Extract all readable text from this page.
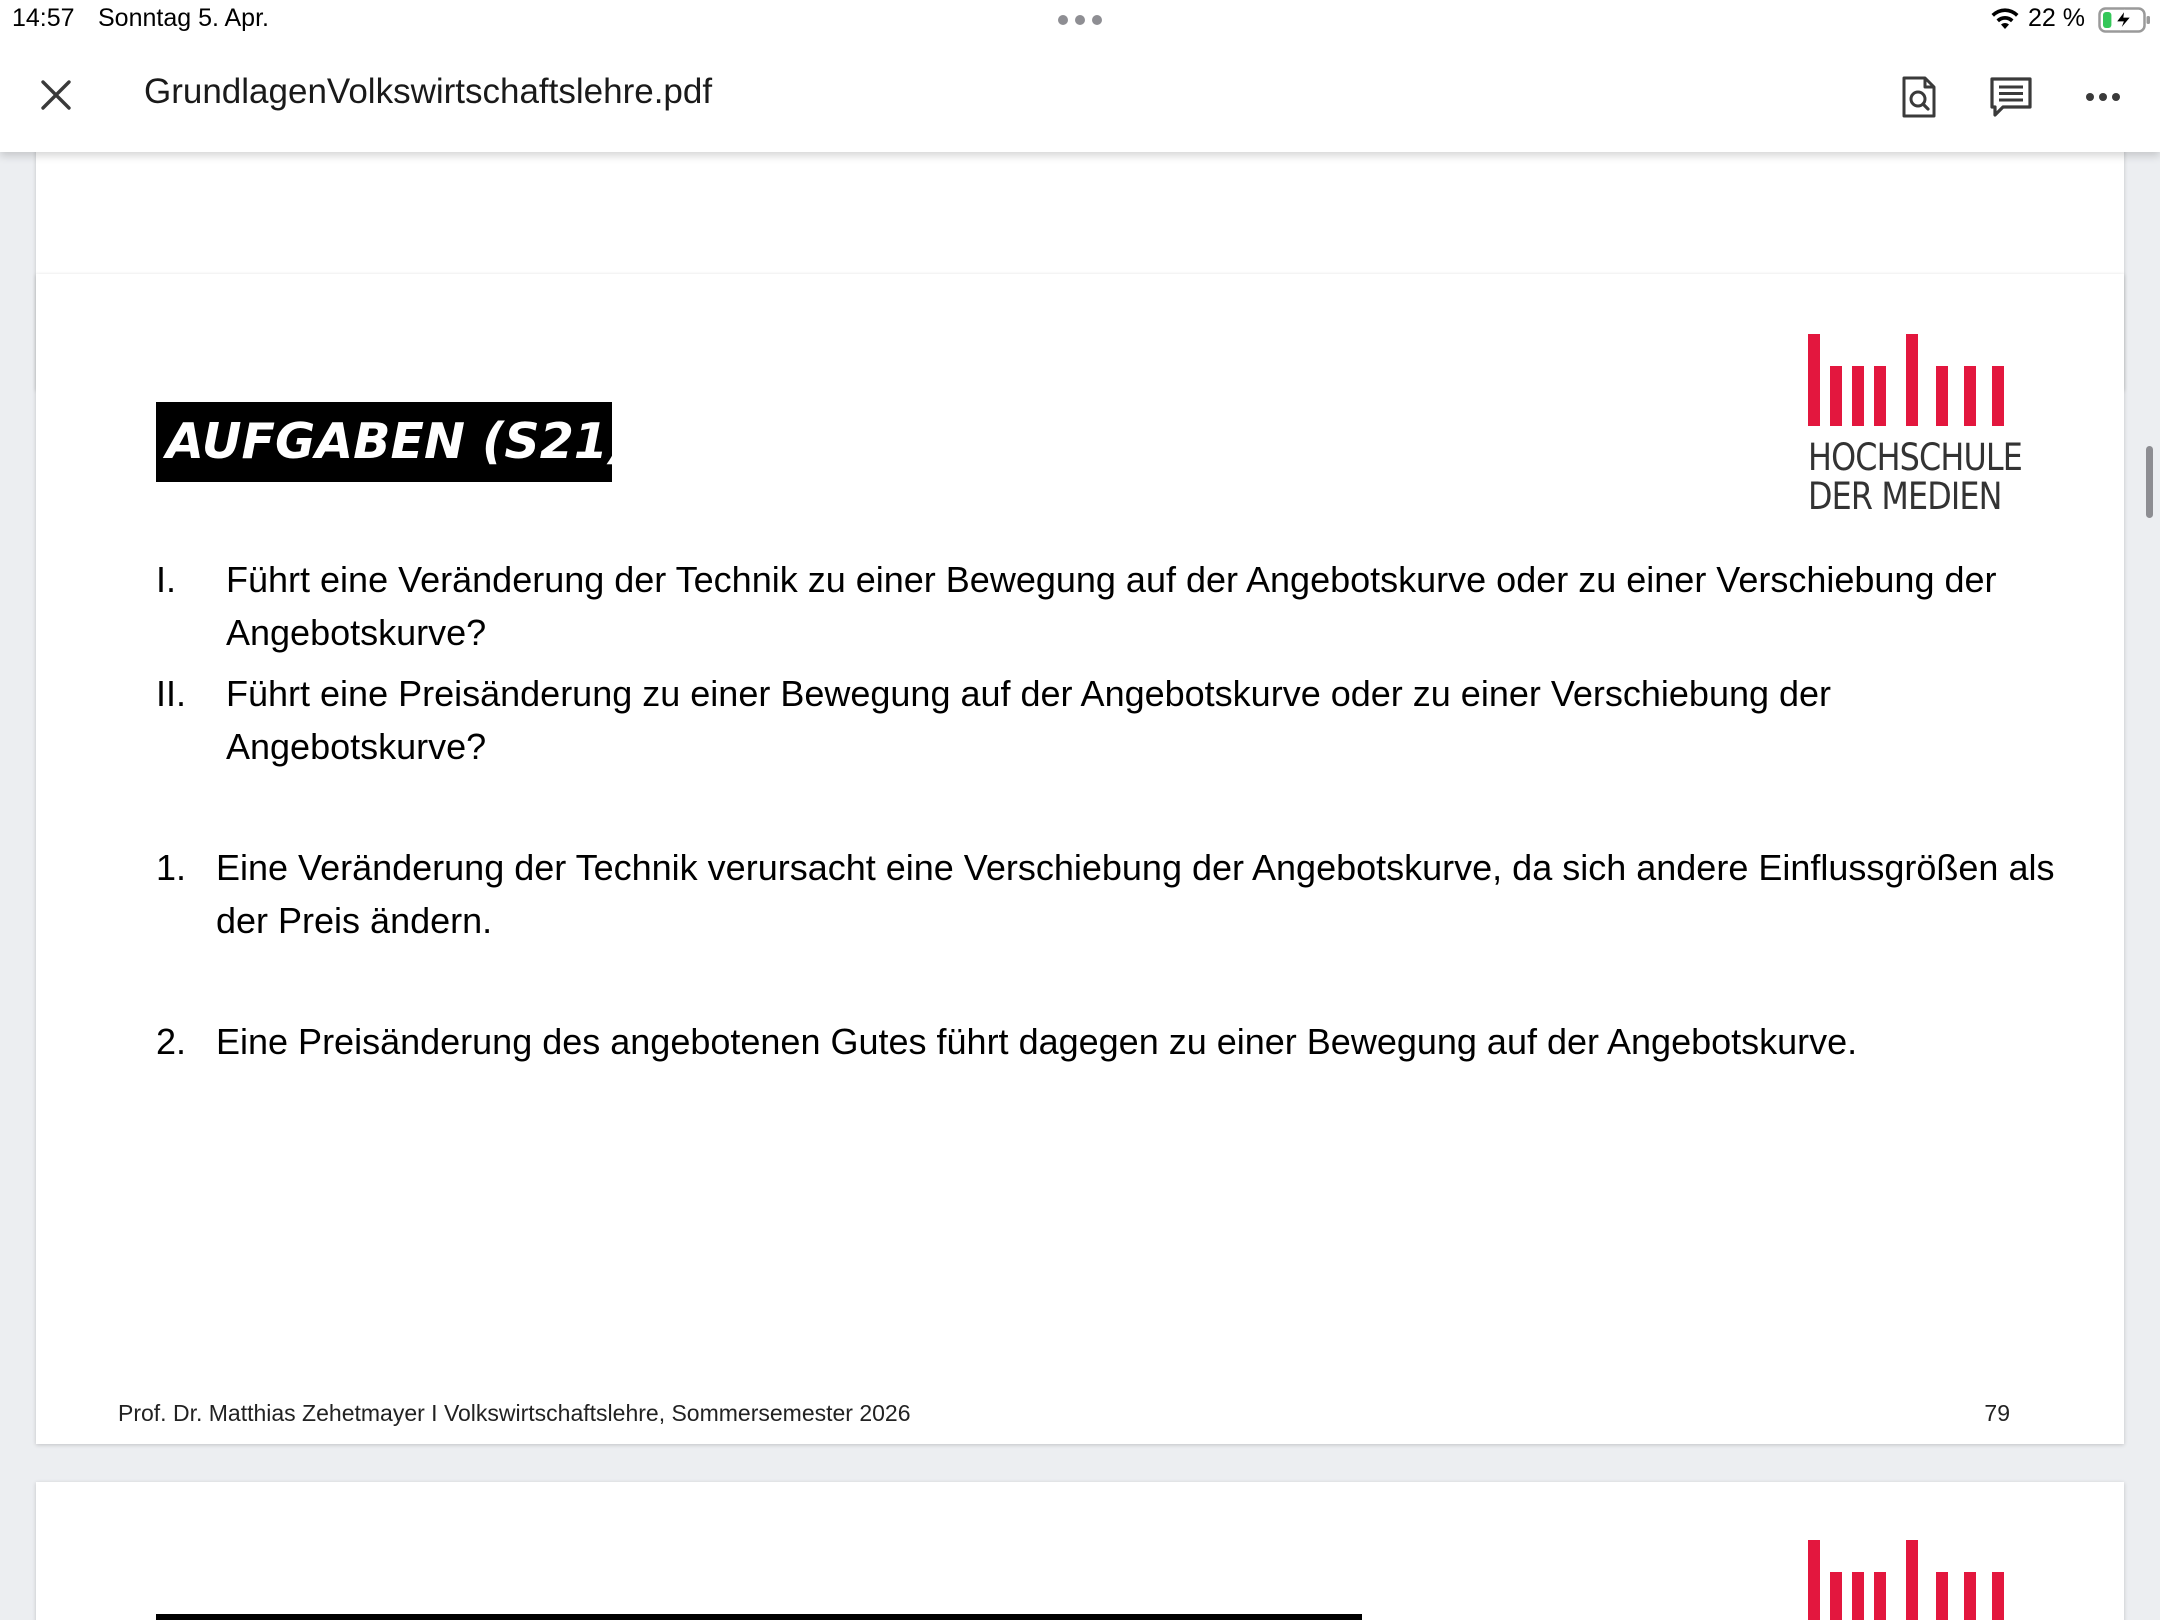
14:57 Sonntag 5. Apr.	22 %
GrundlagenVolkswirtschaftslehre.pdf
AUFGABEN (S21)	HOCHSCHULE
DER MEDIEN
I. Führt eine Veränderung der Technik zu einer Bewegung auf der Angebotskurve oder zu einer Verschiebung der Angebotskurve?
II. Führt eine Preisänderung zu einer Bewegung auf der Angebotskurve oder zu einer Verschiebung der Angebotskurve?
1. Eine Veränderung der Technik verursacht eine Verschiebung der Angebotskurve, da sich andere Einflussgrößen als der Preis ändern.
2. Eine Preisänderung des angebotenen Gutes führt dagegen zu einer Bewegung auf der Angebotskurve.
Prof. Dr. Matthias Zehetmayer I Volkswirtschaftslehre, Sommersemester 2026	79
